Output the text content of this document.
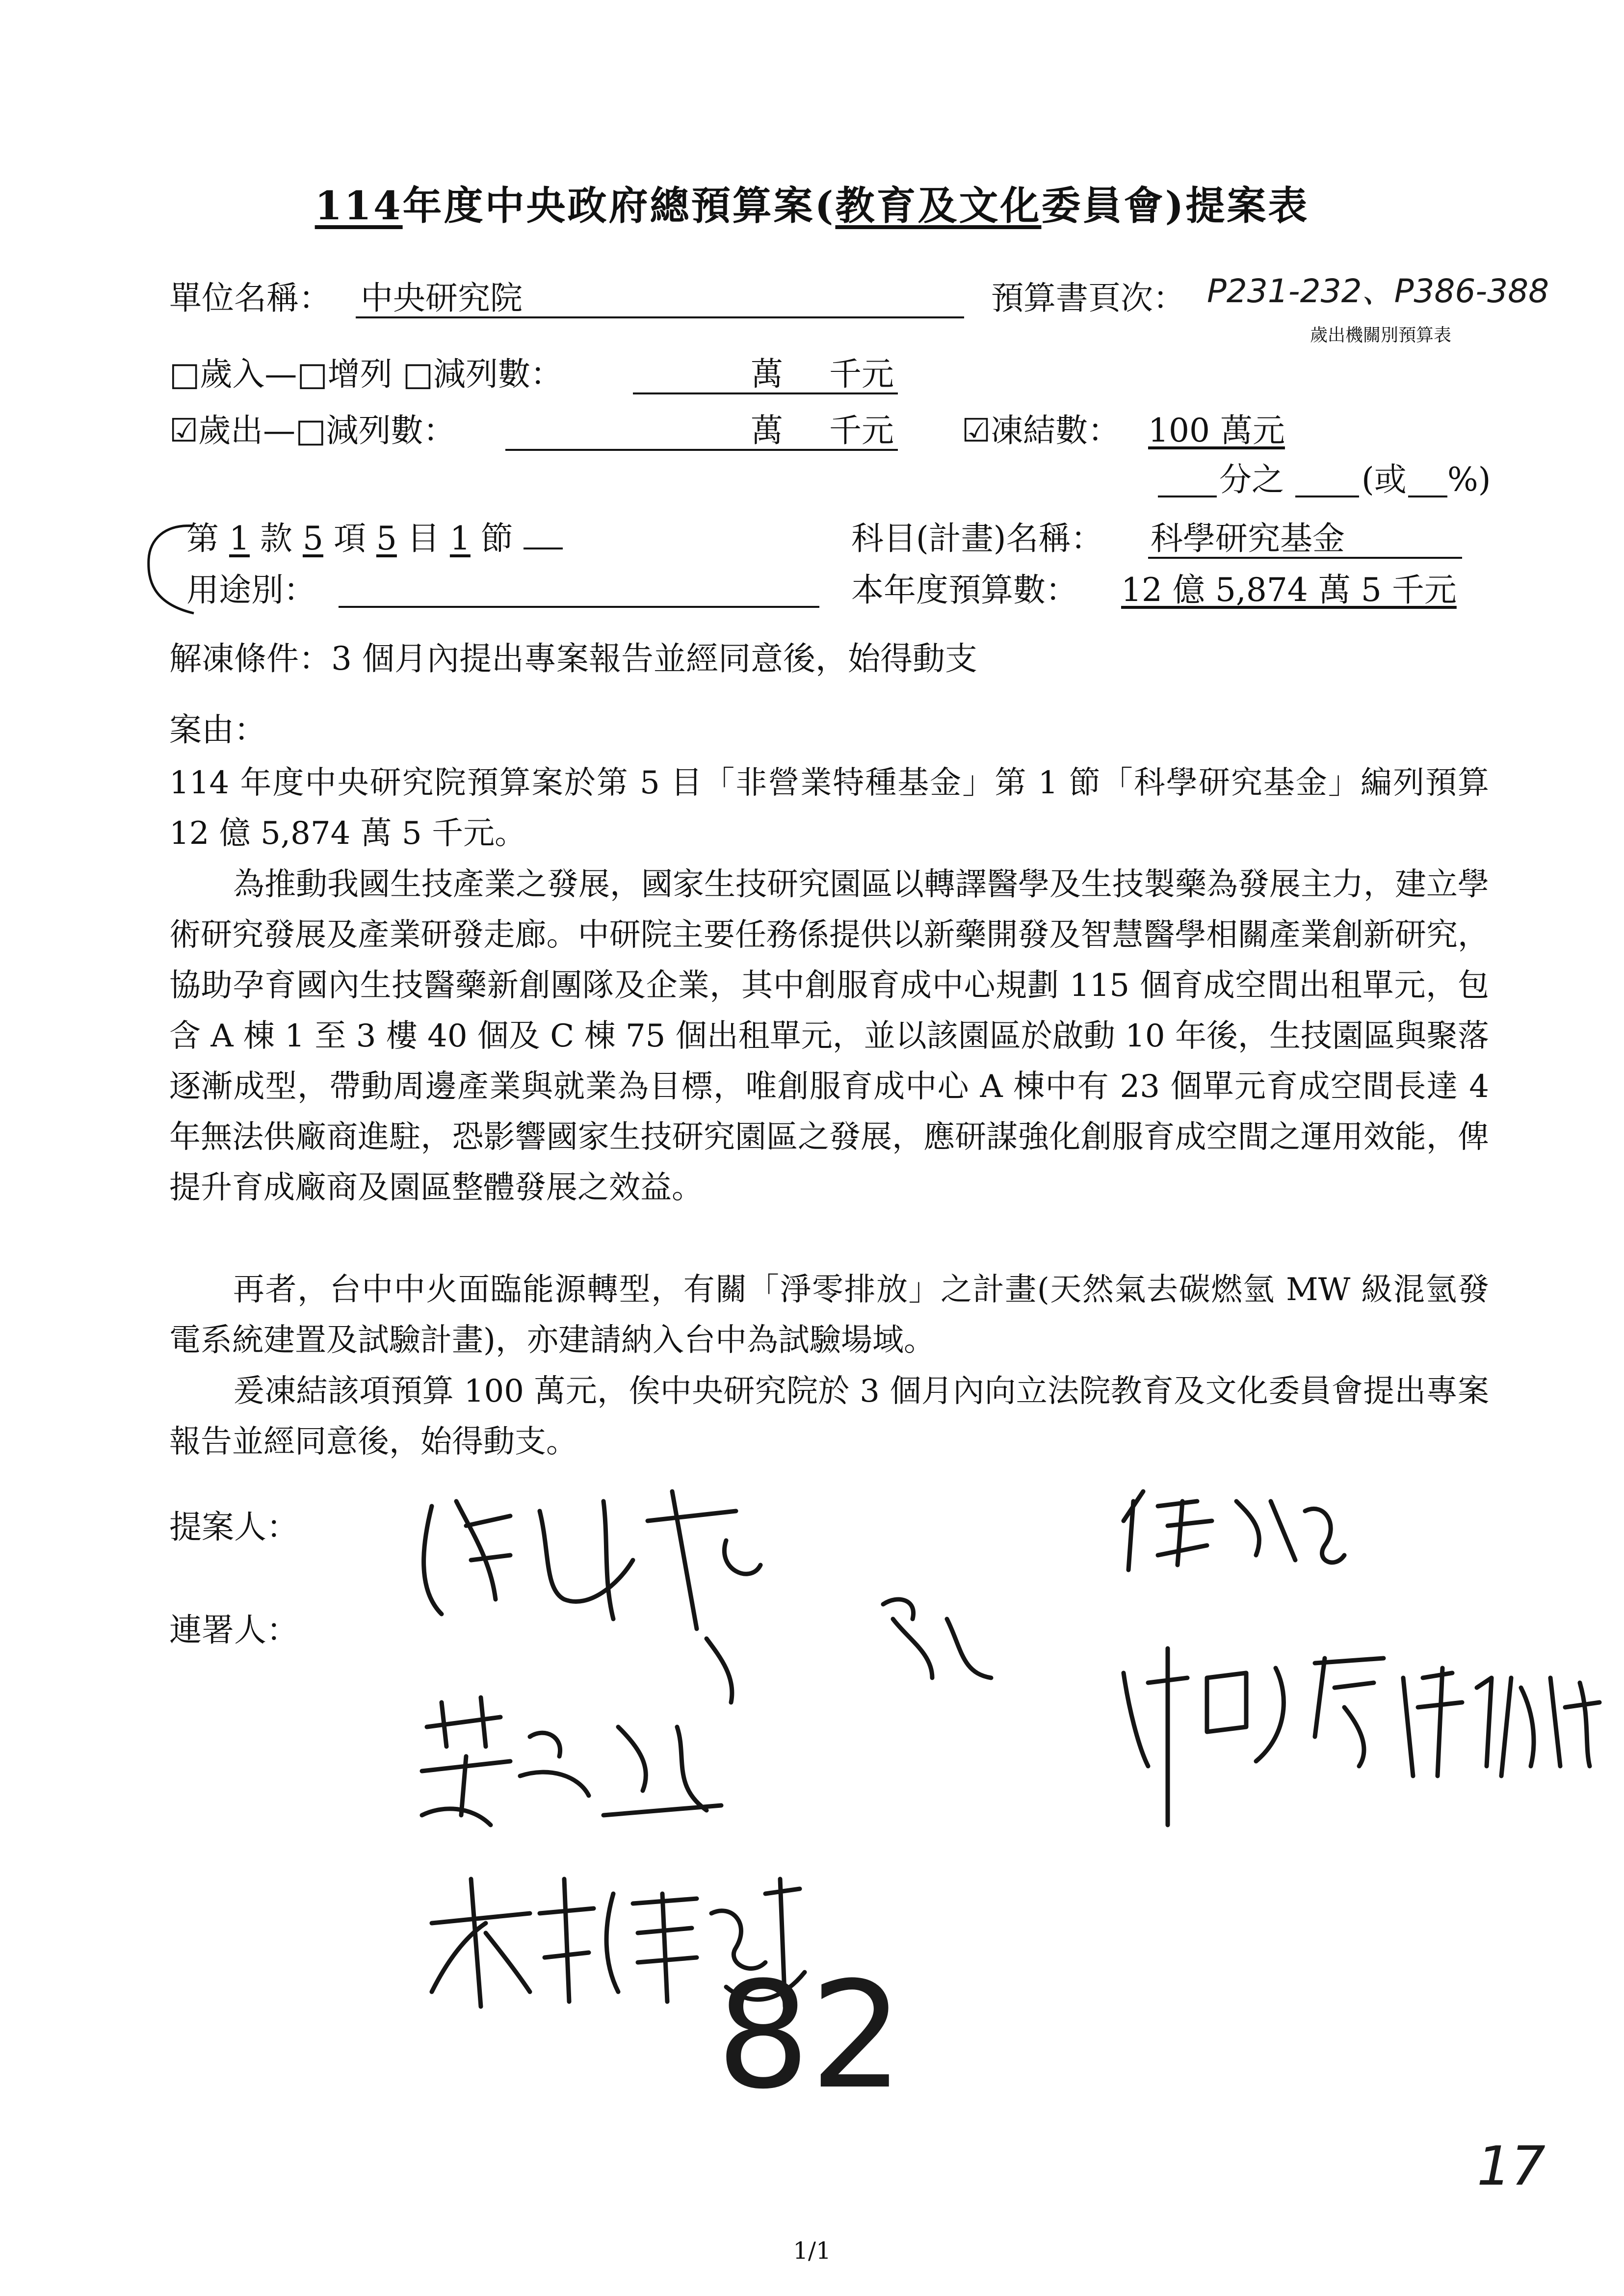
114年度中央政府總預算案(教育及文化委員會)提案表
單位名稱： 中央研究院	預算書頁次： P231-232、P386-388
歲出機關別預算表
□歲入—□增列 □減列數：	萬 千元
☑歲出—□減列數：	萬 千元 ☑凍結數： 100 萬元
分之 (或 %)
第 1 款 5 項 5 目 1 節	科目(計畫)名稱： 科學研究基金
用途別：	本年度預算數： 12 億 5,874 萬 5 千元
解凍條件：3 個月內提出專案報告並經同意後，始得動支
案由：
114 年度中央研究院預算案於第 5 目「非營業特種基金」第 1 節「科學研究基金」編列預算 12 億 5,874 萬 5 千元。
為推動我國生技產業之發展，國家生技研究園區以轉譯醫學及生技製藥為發展主力，建立學術研究發展及產業研發走廊。中研院主要任務係提供以新藥開發及智慧醫學相關產業創新研究，協助孕育國內生技醫藥新創團隊及企業，其中創服育成中心規劃 115 個育成空間出租單元，包含 A 棟 1 至 3 樓 40 個及 C 棟 75 個出租單元，並以該園區於啟動 10 年後，生技園區與聚落逐漸成型，帶動周邊產業與就業為目標，唯創服育成中心 A 棟中有 23 個單元育成空間長達 4 年無法供廠商進駐，恐影響國家生技研究園區之發展，應研謀強化創服育成空間之運用效能，俾提升育成廠商及園區整體發展之效益。
再者，台中中火面臨能源轉型，有關「淨零排放」之計畫(天然氣去碳燃氫 MW 級混氫發電系統建置及試驗計畫)，亦建請納入台中為試驗場域。
爰凍結該項預算 100 萬元，俟中央研究院於 3 個月內向立法院教育及文化委員會提出專案報告並經同意後，始得動支。
提案人：
連署人：
82
17
1/1
